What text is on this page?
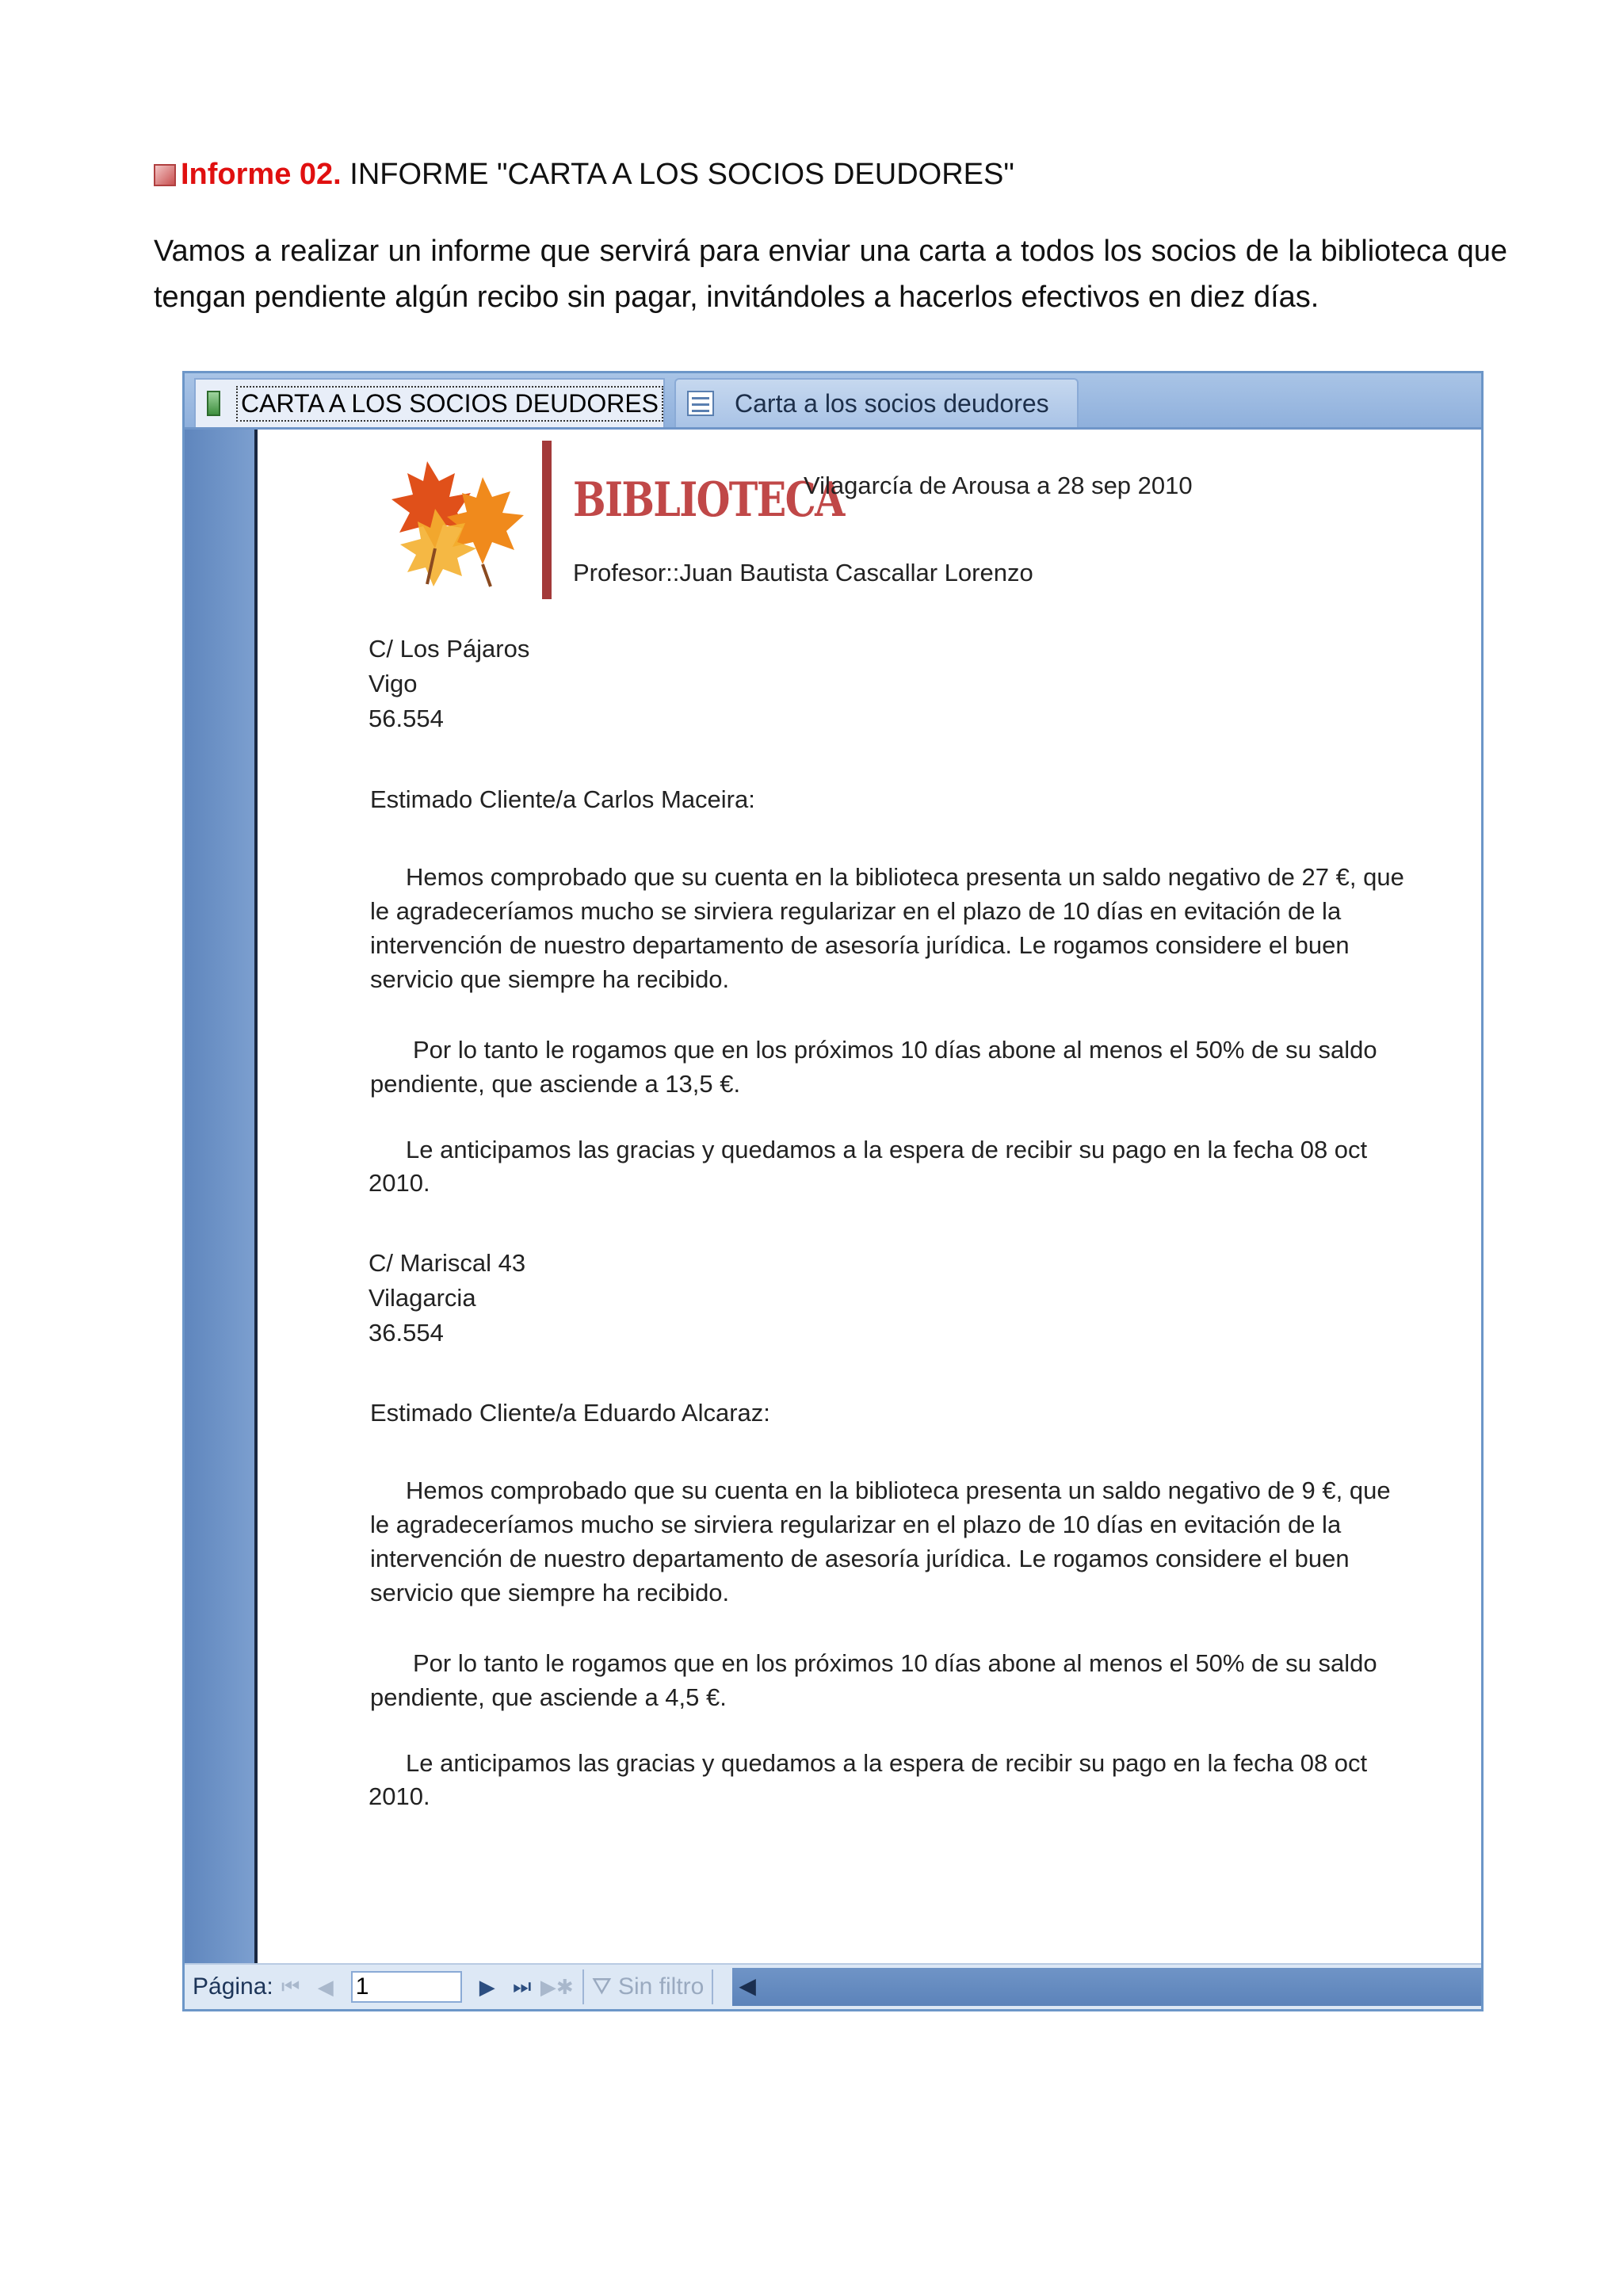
Informe 02. INFORME "CARTA A LOS SOCIOS DEUDORES"
Vamos a realizar un informe que servirá para enviar una carta a todos los socios de la biblioteca que tengan pendiente algún recibo sin pagar, invitándoles a hacerlos efectivos en diez días.
CARTA A LOS SOCIOS DEUDORES	Carta a los socios deudores
BIBLIOTECA
Vilagarcía de Arousa a 28 sep 2010
Profesor::Juan Bautista Cascallar Lorenzo
C/ Los Pájaros
Vigo
56.554
Estimado Cliente/a Carlos Maceira:
Hemos comprobado que su cuenta en la biblioteca presenta un saldo negativo de 27 €, que
le agradeceríamos mucho se sirviera regularizar en el plazo de 10 días en evitación de la
intervención de nuestro departamento de asesoría jurídica. Le rogamos considere el buen
servicio que siempre ha recibido.
Por lo tanto le rogamos que en los próximos 10 días abone al menos el 50% de su saldo
pendiente, que asciende a 13,5 €.
Le anticipamos las gracias y quedamos a la espera de recibir su pago en la fecha 08 oct
2010.
C/ Mariscal 43
Vilagarcia
36.554
Estimado Cliente/a Eduardo Alcaraz:
Hemos comprobado que su cuenta en la biblioteca presenta un saldo negativo de 9 €, que
le agradeceríamos mucho se sirviera regularizar en el plazo de 10 días en evitación de la
intervención de nuestro departamento de asesoría jurídica. Le rogamos considere el buen
servicio que siempre ha recibido.
Por lo tanto le rogamos que en los próximos 10 días abone al menos el 50% de su saldo
pendiente, que asciende a 4,5 €.
Le anticipamos las gracias y quedamos a la espera de recibir su pago en la fecha 08 oct
2010.
Página: ⏮ ◀ 1	▶ ⏭ ▶✱ ⛛ Sin filtro ◀
